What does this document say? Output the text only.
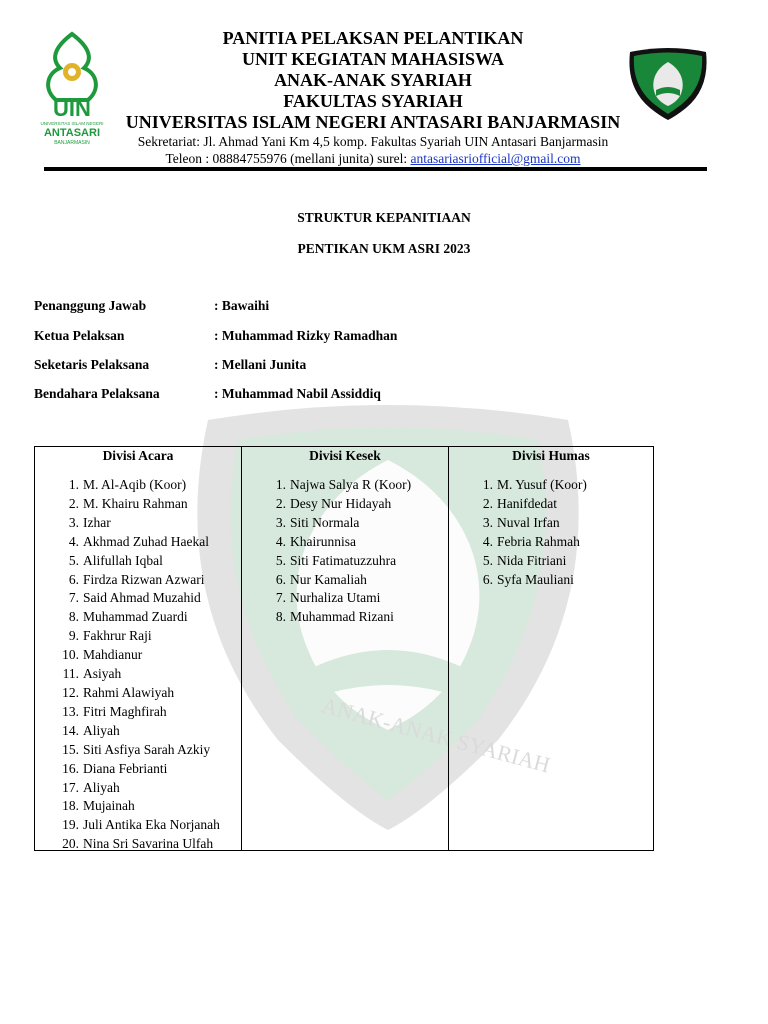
ANAK-ANAK SYARIAH
UIN
UNIVERSITAS ISLAM NEGERI
ANTASARI
BANJARMASIN
PANITIA PELAKSAN PELANTIKAN
UNIT KEGIATAN MAHASISWA
ANAK-ANAK SYARIAH
FAKULTAS SYARIAH
UNIVERSITAS ISLAM NEGERI ANTASARI BANJARMASIN
Sekretariat: Jl. Ahmad Yani Km 4,5 komp. Fakultas Syariah UIN Antasari Banjarmasin
Teleon : 08884755976 (mellani junita) surel: antasariasriofficial@gmail.com
STRUKTUR KEPANITIAAN
PENTIKAN UKM ASRI 2023
Penanggung Jawab	: Bawaihi
Ketua Pelaksan	: Muhammad Rizky Ramadhan
Seketaris Pelaksana	: Mellani Junita
Bendahara Pelaksana	: Muhammad Nabil Assiddiq
Divisi Acara
1. M. Al-Aqib (Koor)
2. M. Khairu Rahman
3. Izhar
4. Akhmad Zuhad Haekal
5. Alifullah Iqbal
6. Firdza Rizwan Azwari
7. Said Ahmad Muzahid
8. Muhammad Zuardi
9. Fakhrur Raji
10. Mahdianur
11. Asiyah
12. Rahmi Alawiyah
13. Fitri Maghfirah
14. Aliyah
15. Siti Asfiya Sarah Azkiy
16. Diana Febrianti
17. Aliyah
18. Mujainah
19. Juli Antika Eka Norjanah
20. Nina Sri Savarina Ulfah
Divisi Kesek
1. Najwa Salya R (Koor)
2. Desy Nur Hidayah
3. Siti Normala
4. Khairunnisa
5. Siti Fatimatuzzuhra
6. Nur Kamaliah
7. Nurhaliza Utami
8. Muhammad Rizani
Divisi Humas
1. M. Yusuf (Koor)
2. Hanifdedat
3. Nuval Irfan
4. Febria Rahmah
5. Nida Fitriani
6. Syfa Mauliani
